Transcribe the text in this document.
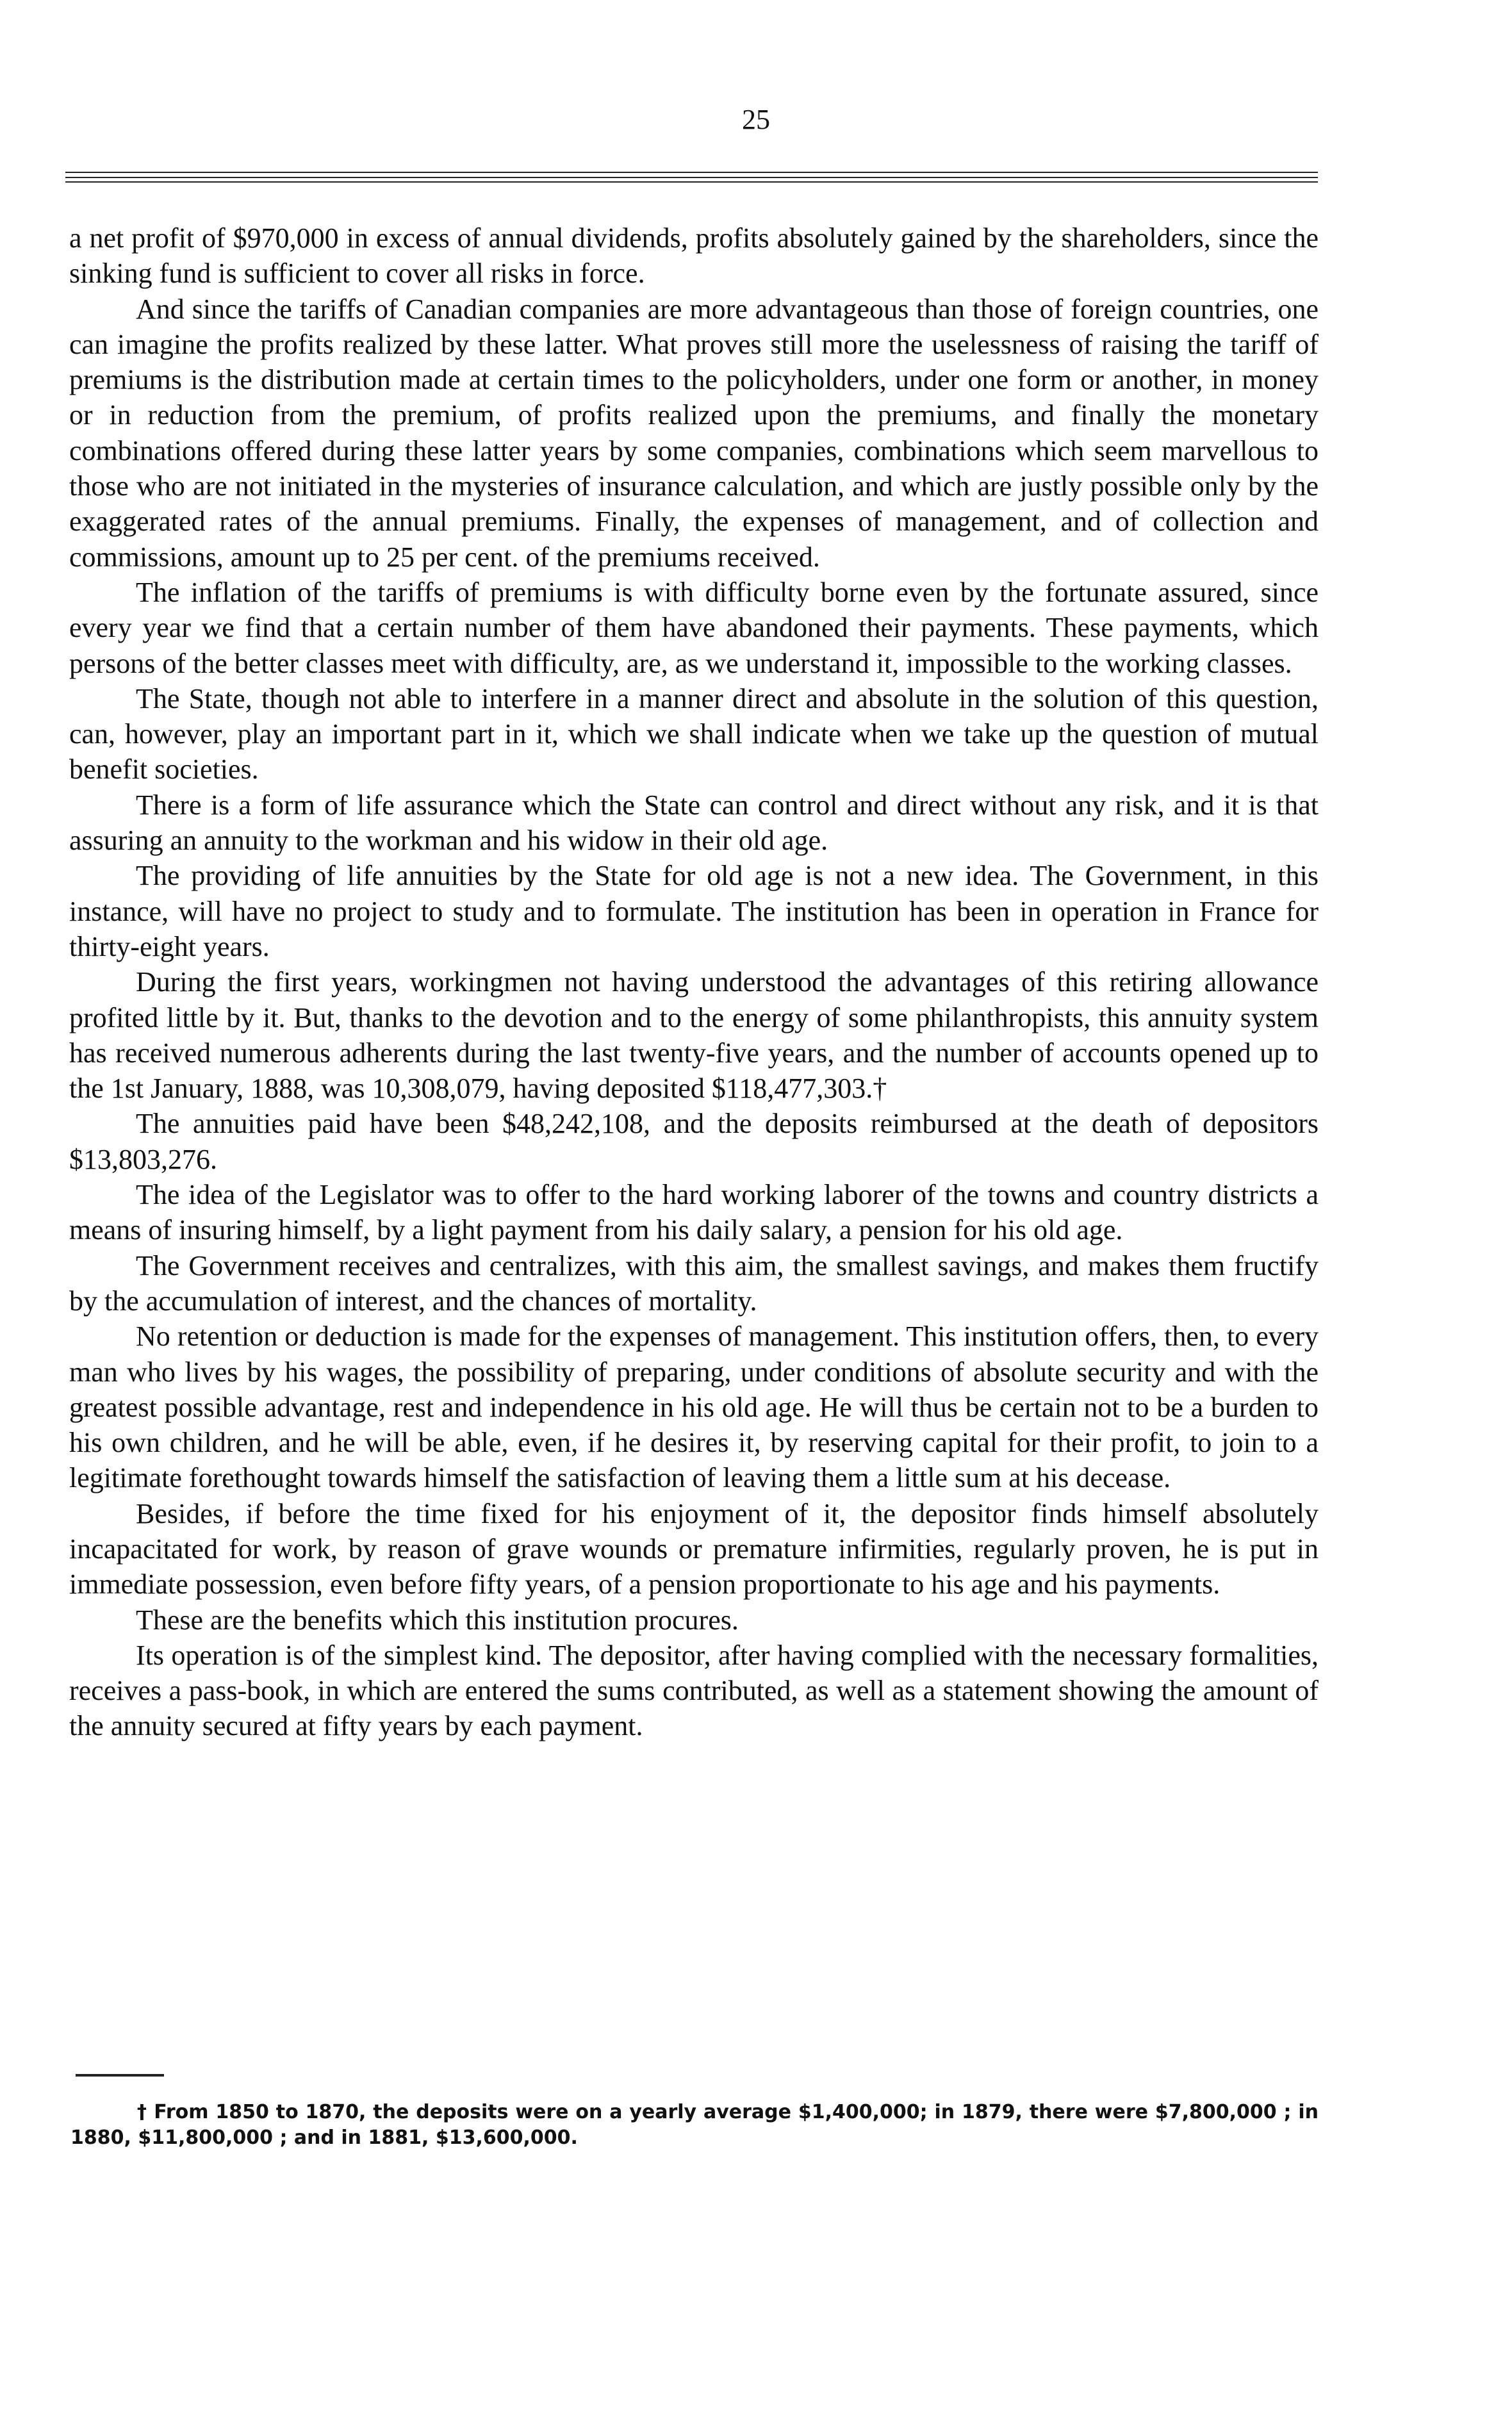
25

a net profit of $970,000 in excess of annual dividends, profits absolutely gained by the shareholders, since the sinking fund is sufficient to cover all risks in force.

And since the tariffs of Canadian companies are more advantageous than those of foreign countries, one can imagine the profits realized by these latter. What proves still more the uselessness of raising the tariff of premiums is the distribution made at certain times to the policyholders, under one form or another, in money or in reduction from the premium, of profits realized upon the premiums, and finally the monetary combinations offered during these latter years by some companies, combinations which seem marvellous to those who are not initiated in the mysteries of insurance calculation, and which are justly possible only by the exaggerated rates of the annual premiums. Finally, the expenses of management, and of collection and commissions, amount up to 25 per cent. of the premiums received.

The inflation of the tariffs of premiums is with difficulty borne even by the fortunate assured, since every year we find that a certain number of them have abandoned their payments. These payments, which persons of the better classes meet with difficulty, are, as we understand it, impossible to the working classes.

The State, though not able to interfere in a manner direct and absolute in the solution of this question, can, however, play an important part in it, which we shall indicate when we take up the question of mutual benefit societies.

There is a form of life assurance which the State can control and direct without any risk, and it is that assuring an annuity to the workman and his widow in their old age.

The providing of life annuities by the State for old age is not a new idea. The Government, in this instance, will have no project to study and to formulate. The institution has been in operation in France for thirty-eight years.

During the first years, workingmen not having understood the advantages of this retiring allowance profited little by it. But, thanks to the devotion and to the energy of some philanthropists, this annuity system has received numerous adherents during the last twenty-five years, and the number of accounts opened up to the 1st January, 1888, was 10,308,079, having deposited $118,477,303.†

The annuities paid have been $48,242,108, and the deposits reimbursed at the death of depositors $13,803,276.

The idea of the Legislator was to offer to the hard working laborer of the towns and country districts a means of insuring himself, by a light payment from his daily salary, a pension for his old age.

The Government receives and centralizes, with this aim, the smallest savings, and makes them fructify by the accumulation of interest, and the chances of mortality.

No retention or deduction is made for the expenses of management. This institution offers, then, to every man who lives by his wages, the possibility of preparing, under conditions of absolute security and with the greatest possible advantage, rest and independence in his old age. He will thus be certain not to be a burden to his own children, and he will be able, even, if he desires it, by reserving capital for their profit, to join to a legitimate forethought towards himself the satisfaction of leaving them a little sum at his decease.

Besides, if before the time fixed for his enjoyment of it, the depositor finds himself absolutely incapacitated for work, by reason of grave wounds or premature infirmities, regularly proven, he is put in immediate possession, even before fifty years, of a pension proportionate to his age and his payments.

These are the benefits which this institution procures.

Its operation is of the simplest kind. The depositor, after having complied with the necessary formalities, receives a pass-book, in which are entered the sums contributed, as well as a statement showing the amount of the annuity secured at fifty years by each payment.

† From 1850 to 1870, the deposits were on a yearly average $1,400,000; in 1879, there were $7,800,000 ; in 1880, $11,800,000 ; and in 1881, $13,600,000.
